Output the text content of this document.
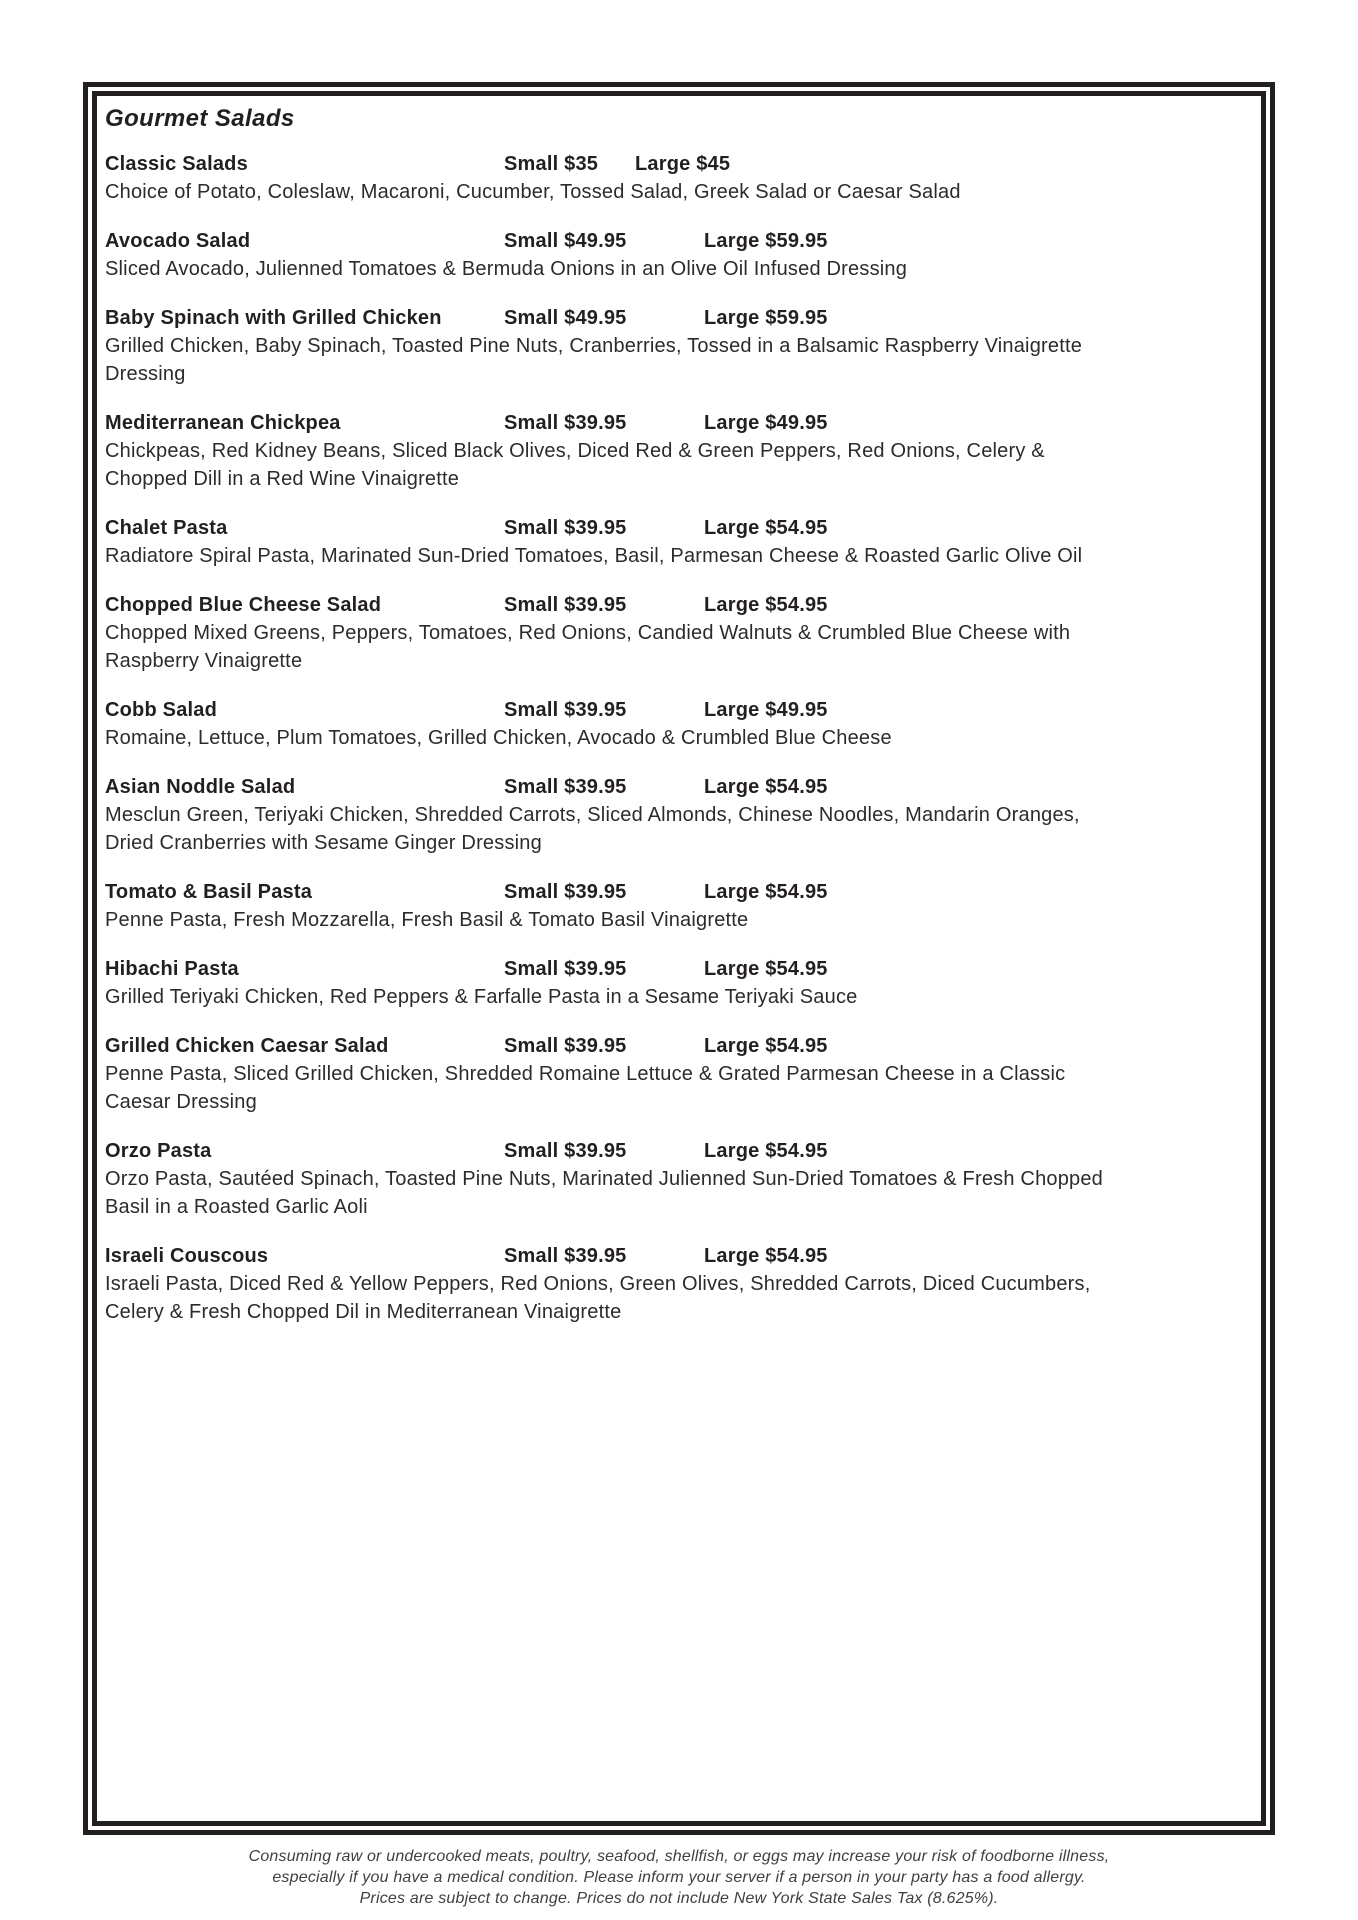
Gourmet Salads
Classic Salads	Small $35 Large $45
Choice of Potato, Coleslaw, Macaroni, Cucumber, Tossed Salad, Greek Salad or Caesar Salad
Avocado Salad	Small $49.95	Large $59.95
Sliced Avocado, Julienned Tomatoes & Bermuda Onions in an Olive Oil Infused Dressing
Baby Spinach with Grilled Chicken	Small $49.95	Large $59.95
Grilled Chicken, Baby Spinach, Toasted Pine Nuts, Cranberries, Tossed in a Balsamic Raspberry Vinaigrette Dressing
Mediterranean Chickpea	Small $39.95	Large $49.95
Chickpeas, Red Kidney Beans, Sliced Black Olives, Diced Red & Green Peppers, Red Onions, Celery & Chopped Dill in a Red Wine Vinaigrette
Chalet Pasta	Small $39.95	Large $54.95
Radiatore Spiral Pasta, Marinated Sun-Dried Tomatoes, Basil, Parmesan Cheese & Roasted Garlic Olive Oil
Chopped Blue Cheese Salad	Small $39.95	Large $54.95
Chopped Mixed Greens, Peppers, Tomatoes, Red Onions, Candied Walnuts & Crumbled Blue Cheese with Raspberry Vinaigrette
Cobb Salad	Small $39.95	Large $49.95
Romaine, Lettuce, Plum Tomatoes, Grilled Chicken, Avocado & Crumbled Blue Cheese
Asian Noddle Salad	Small $39.95	Large $54.95
Mesclun Green, Teriyaki Chicken, Shredded Carrots, Sliced Almonds, Chinese Noodles, Mandarin Oranges, Dried Cranberries with Sesame Ginger Dressing
Tomato & Basil Pasta	Small $39.95	Large $54.95
Penne Pasta, Fresh Mozzarella, Fresh Basil & Tomato Basil Vinaigrette
Hibachi Pasta	Small $39.95	Large $54.95
Grilled Teriyaki Chicken, Red Peppers & Farfalle Pasta in a Sesame Teriyaki Sauce
Grilled Chicken Caesar Salad	Small $39.95	Large $54.95
Penne Pasta, Sliced Grilled Chicken, Shredded Romaine Lettuce & Grated Parmesan Cheese in a Classic Caesar Dressing
Orzo Pasta	Small $39.95	Large $54.95
Orzo Pasta, Sautéed Spinach, Toasted Pine Nuts, Marinated Julienned Sun-Dried Tomatoes & Fresh Chopped Basil in a Roasted Garlic Aoli
Israeli Couscous	Small $39.95	Large $54.95
Israeli Pasta, Diced Red & Yellow Peppers, Red Onions, Green Olives, Shredded Carrots, Diced Cucumbers, Celery & Fresh Chopped Dil in Mediterranean Vinaigrette
Consuming raw or undercooked meats, poultry, seafood, shellfish, or eggs may increase your risk of foodborne illness,
especially if you have a medical condition. Please inform your server if a person in your party has a food allergy.
Prices are subject to change. Prices do not include New York State Sales Tax (8.625%).
